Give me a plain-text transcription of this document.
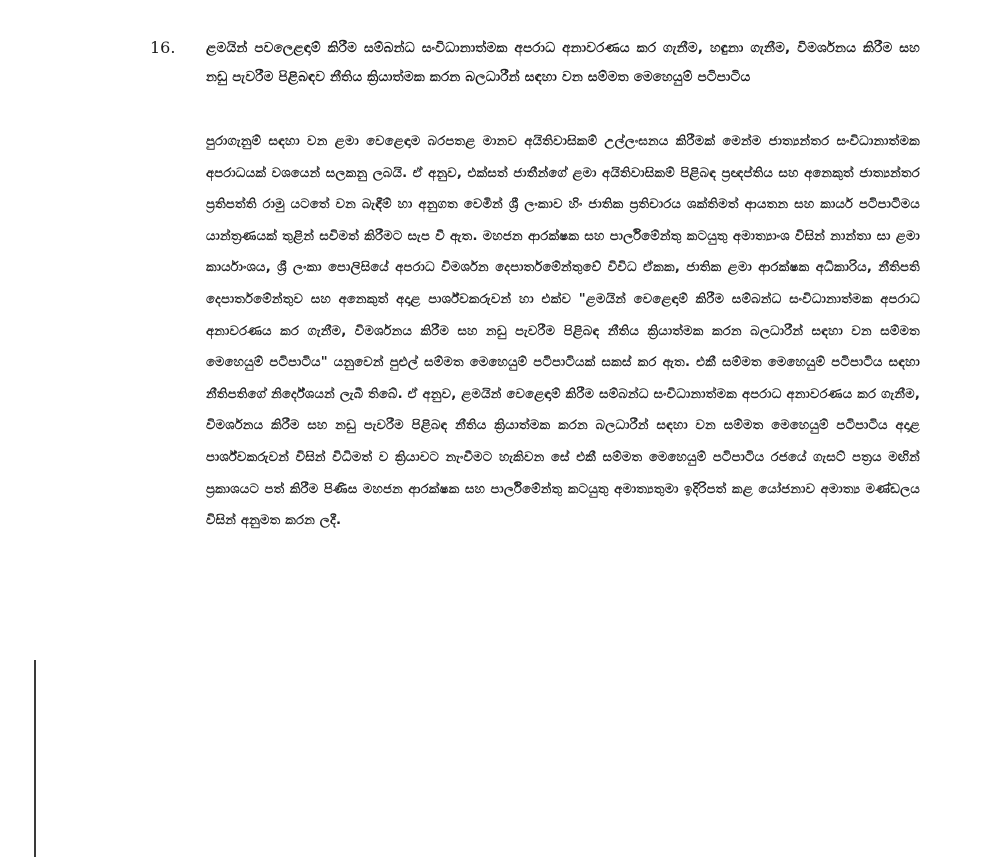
16.	ළමයින් පවලෙළඳාම් කිරීම සම්බන්ධ සංවිධානාත්මක අපරාධ අනාවරණය කර ගැනීම, හඳුනා ගැනීම, විමර්ශනය කිරීම සහ නඩු පැවරීම පිළිබඳව නීතිය ක්‍රියාත්මක කරන බලධාරීන් සඳහා වන සම්මත මෙහෙයුම් පටිපාටිය
පුරාගැනුම් සඳහා වන ළමා වෙළෙඳාම බරපතළ මානව අයිතිවාසිකම් උල්ලංඝනය කිරීමක් මෙන්ම ජාත්‍යන්තර සංවිධානාත්මක අපරාධයක් වශයෙන් සලකනු ලබයි. ඒ අනුව, එක්සත් ජාතීන්ගේ ළමා අයිතිවාසිකම් පිළිබඳ ප්‍රඥප්තිය සහ අනෙකුත් ජාත්‍යන්තර ප්‍රතිපත්ති රාමු යටතේ වන බැඳීම් හා අනුගත වෙමින් ශ්‍රී ලංකාව හිං ජාතික ප්‍රතිචාරය ශක්තිමත් ආයතන සහ කාර්ය පටිපාටිමය යාන්ත්‍රණයක් තුළින් සවිමත් කිරීමට සැප වී ඇත. මහජන ආරක්ෂක සහ පාර්ලිමේන්තු කටයුතු අමාත්‍යාංශ විසින් නාන්තා සා ළමා කාර්යාංශය, ශ්‍රී ලංකා පොලිසියේ අපරාධ විමර්ශන දෙපාර්තමේන්තුවේ විවිධ ඒකක, ජාතික ළමා ආරක්ෂක අධිකාරිය, නීතිපති දෙපාර්තමේන්තුව සහ අනෙකුත් අදාළ පාර්ශ්වකරුවන් හා එක්ව "ළමයින් වෙළෙඳාම් කිරීම සම්බන්ධ සංවිධානාත්මක අපරාධ අනාවරණය කර ගැනීම, විමර්ශනය කිරීම සහ නඩු පැවරීම පිළිබඳ නීතිය ක්‍රියාත්මක කරන බලධාරීන් සඳහා වන සම්මත මෙහෙයුම් පටිපාටිය" යනුවෙන් පුළුල් සම්මත මෙහෙයුම් පටිපාටියක් සකස් කර ඇත. එකී සම්මත මෙහෙයුම් පටිපාටිය සඳහා නීතිපතිගේ නිර්දේශයන් ලැබී තිබේ. ඒ අනුව, ළමයින් වෙළෙඳාම් කිරීම සම්බන්ධ සංවිධානාත්මක අපරාධ අනාවරණය කර ගැනීම, විමර්ශනය කිරීම සහ නඩු පැවරීම පිළිබඳ නීතිය ක්‍රියාත්මක කරන බලධාරීන් සඳහා වන සම්මත මෙහෙයුම් පටිපාටිය අදාළ පාර්ශ්වකරුවන් විසින් විධිමත් ව ක්‍රියාවට නැංවීමට හැකිවන සේ එකී සම්මත මෙහෙයුම් පටිපාටිය රජයේ ගැසට් පත්‍රය මඟින් ප්‍රකාශයට පත් කිරීම පිණිස මහජන ආරක්ෂක සහ පාර්ලිමේන්තු කටයුතු අමාත්‍යතුමා ඉදිරිපත් කළ යෝජනාව අමාත්‍ය මණ්ඩලය විසින් අනුමත කරන ලදී.
